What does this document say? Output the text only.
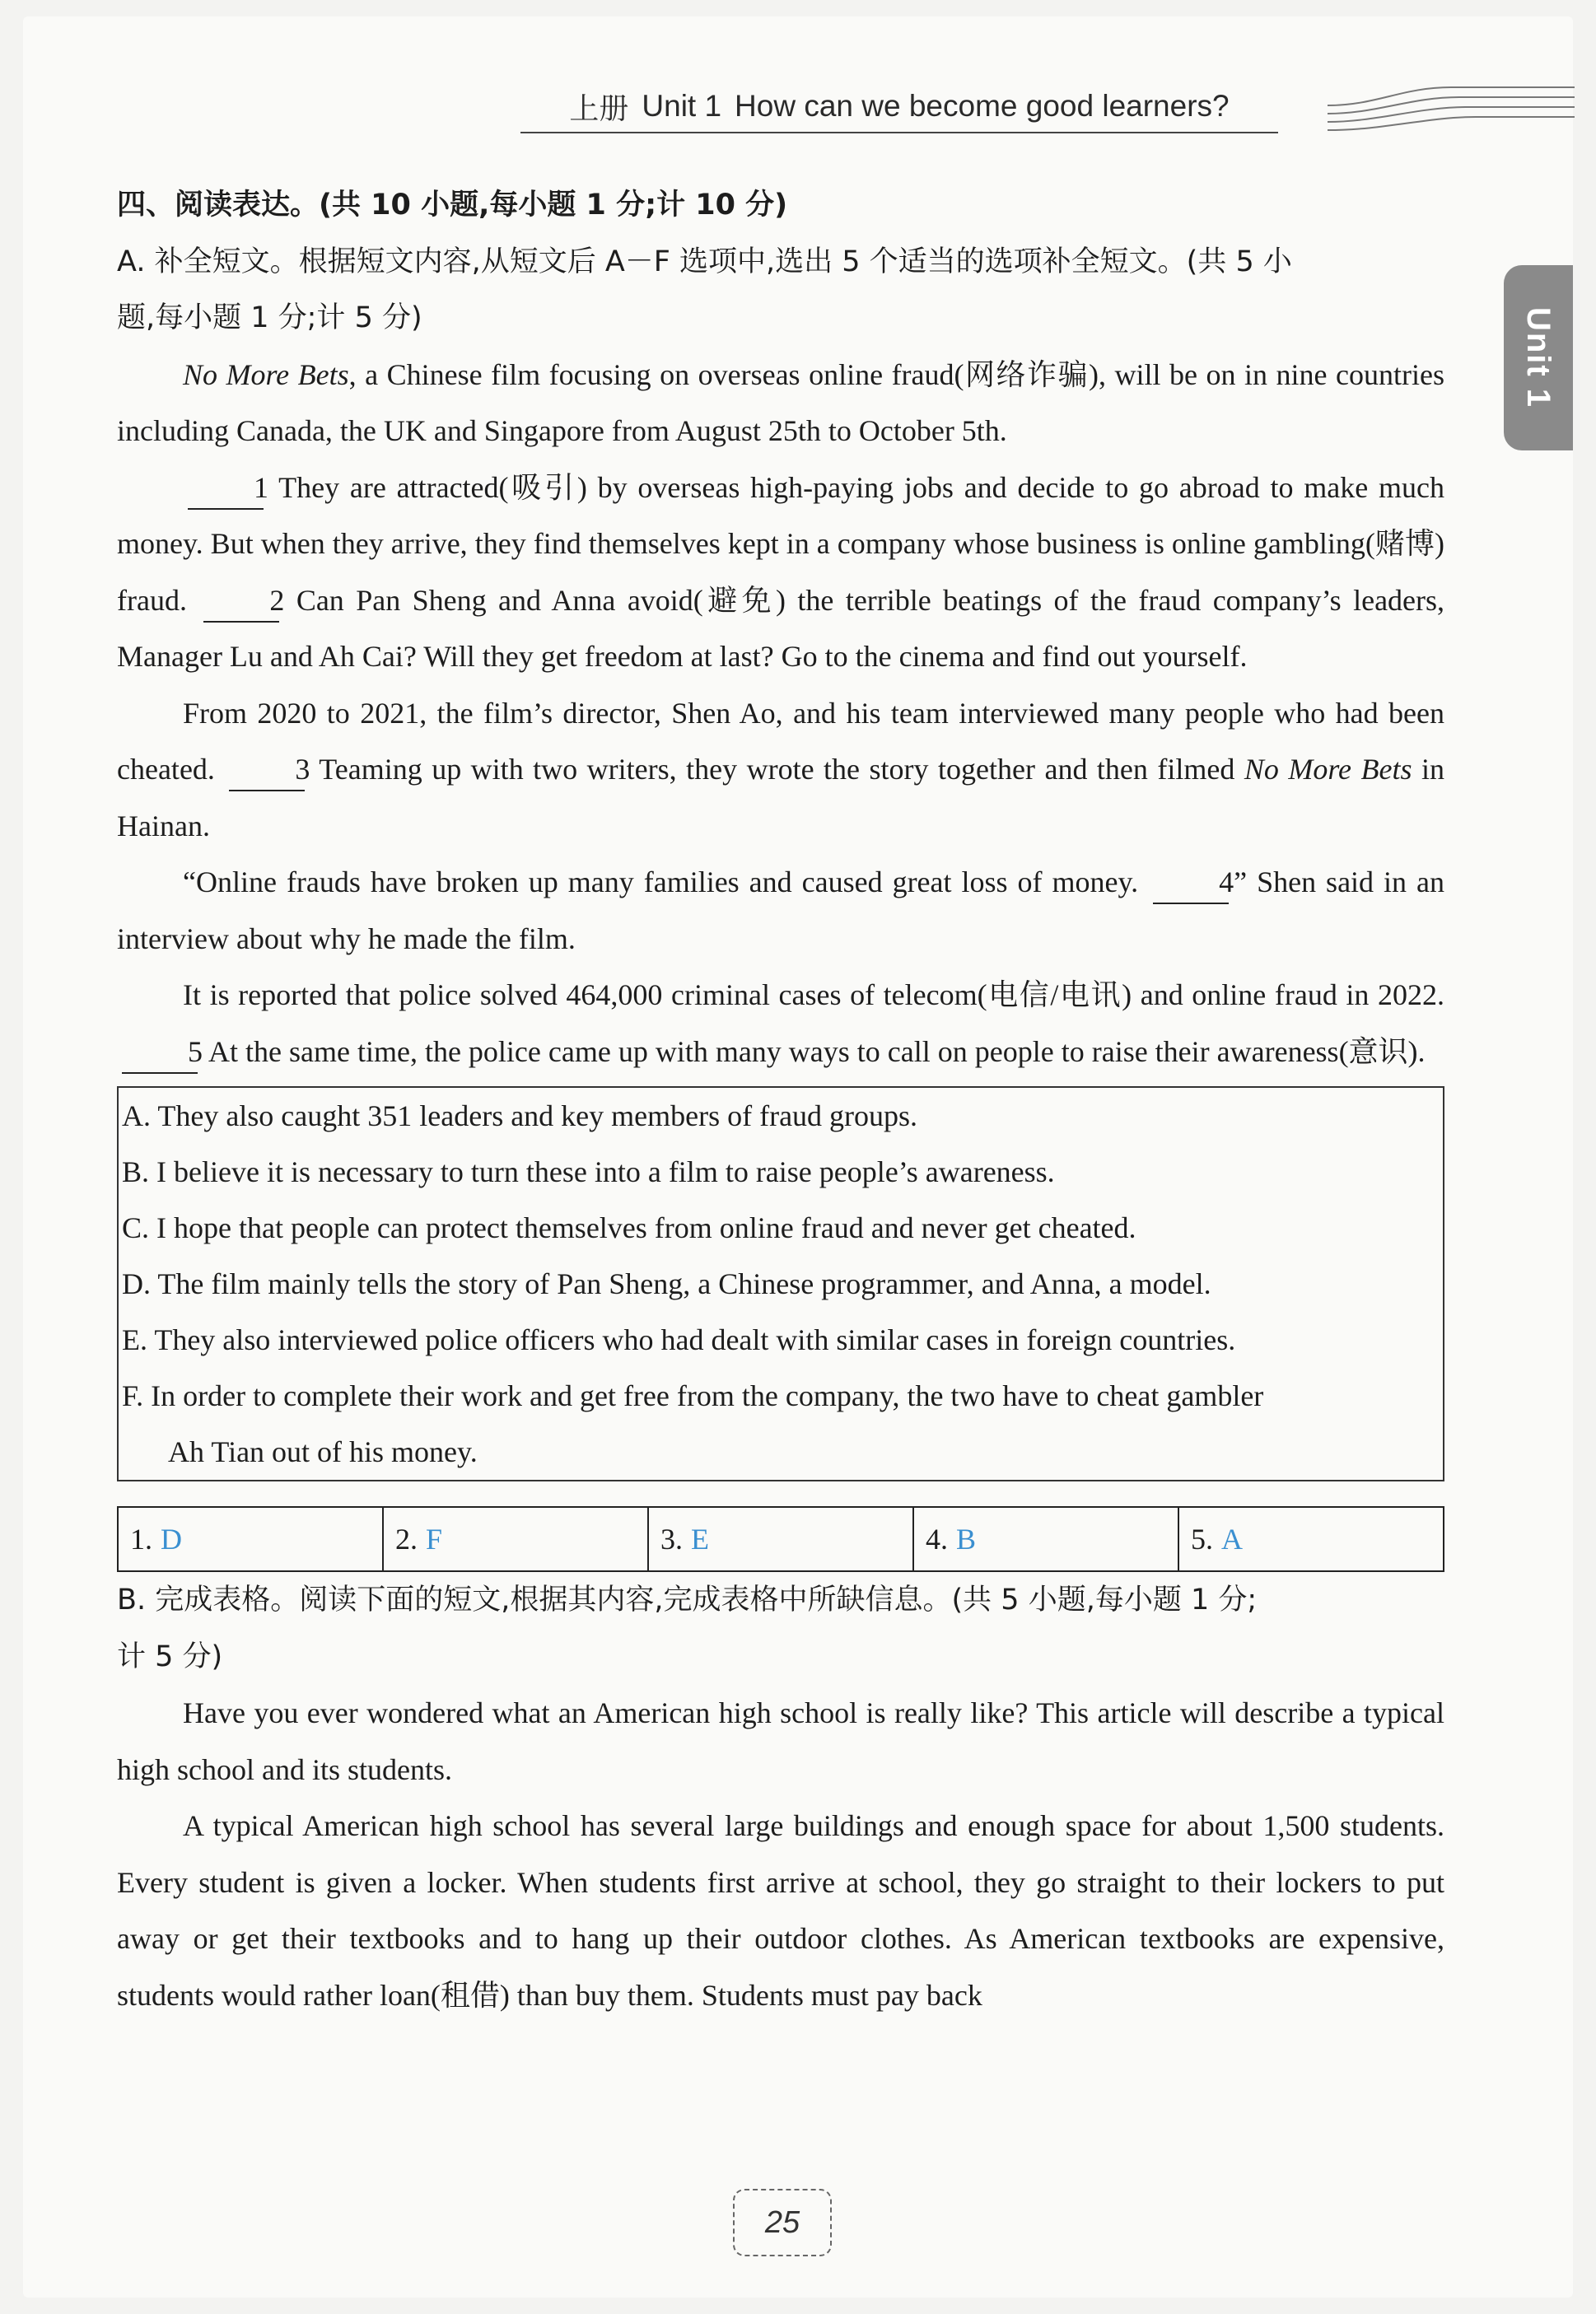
上册 Unit 1 How can we become good learners?
Unit 1

四、阅读表达。(共 10 小题,每小题 1 分;计 10 分)

A. 补全短文。根据短文内容,从短文后 A－F 选项中,选出 5 个适当的选项补全短文。(共 5 小
题,每小题 1 分;计 5 分)

No More Bets, a Chinese film focusing on overseas online fraud(网络诈骗), will be on in nine countries including Canada, the UK and Singapore from August 25th to October 5th.

1 They are attracted(吸引) by overseas high-paying jobs and decide to go abroad to make much money. But when they arrive, they find themselves kept in a company whose business is online gambling(赌博) fraud.	2 Can Pan Sheng and Anna avoid(避免) the terrible beatings of the fraud company’s leaders, Manager Lu and Ah Cai? Will they get freedom at last? Go to the cinema and find out yourself.

From 2020 to 2021, the film’s director, Shen Ao, and his team interviewed many people who had been cheated.	3 Teaming up with two writers, they wrote the story together and then filmed No More Bets in Hainan.

“Online frauds have broken up many families and caused great loss of money.	4” Shen said in an interview about why he made the film.

It is reported that police solved 464,000 criminal cases of telecom(电信/电讯) and online fraud in 2022. 5 At the same time, the police came up with many ways to call on people to raise their awareness(意识).

A. They also caught 351 leaders and key members of fraud groups.
B. I believe it is necessary to turn these into a film to raise people’s awareness.
C. I hope that people can protect themselves from online fraud and never get cheated.
D. The film mainly tells the story of Pan Sheng, a Chinese programmer, and Anna, a model.
E. They also interviewed police officers who had dealt with similar cases in foreign countries.
F. In order to complete their work and get free from the company, the two have to cheat gambler
Ah Tian out of his money.
1. D	2. F	3. E	4. B	5. A

B. 完成表格。阅读下面的短文,根据其内容,完成表格中所缺信息。(共 5 小题,每小题 1 分;
计 5 分)

Have you ever wondered what an American high school is really like? This article will describe a typical high school and its students.

A typical American high school has several large buildings and enough space for about 1,500 students. Every student is given a locker. When students first arrive at school, they go straight to their lockers to put away or get their textbooks and to hang up their outdoor clothes. As American textbooks are expensive, students would rather loan(租借) than buy them. Students must pay back

25
